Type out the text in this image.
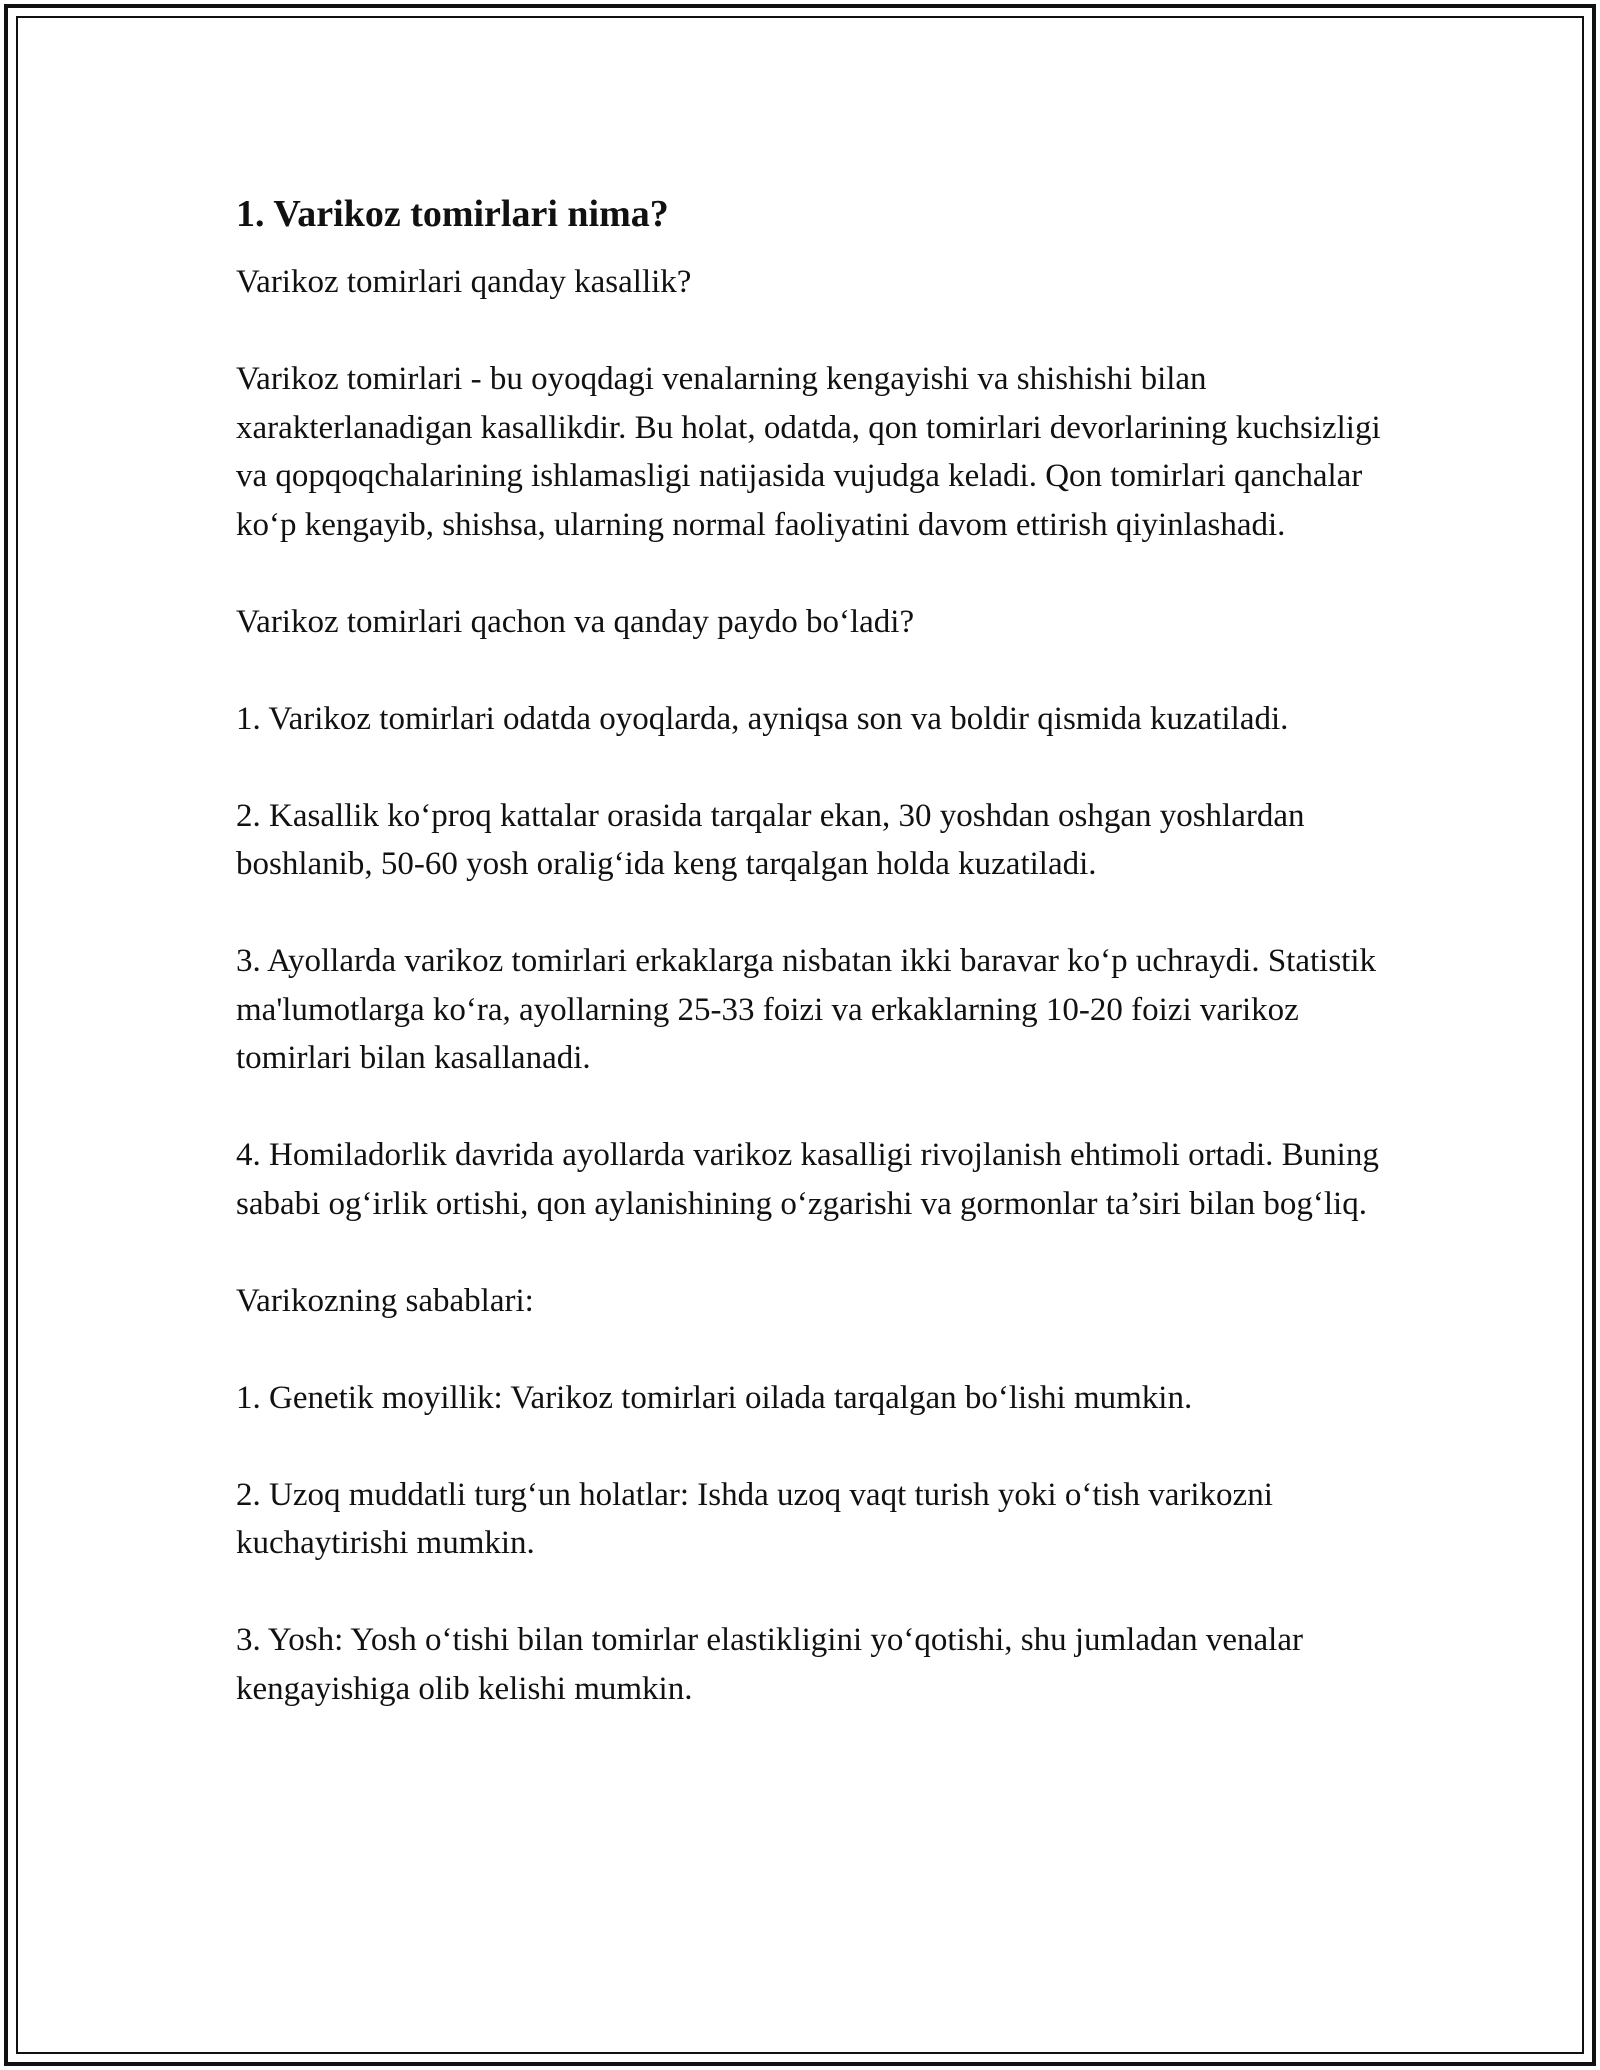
1. Varikoz tomirlari nima?

Varikoz tomirlari qanday kasallik?

Varikoz tomirlari - bu oyoqdagi venalarning kengayishi va shishishi bilan xarakterlanadigan kasallikdir. Bu holat, odatda, qon tomirlari devorlarining kuchsizligi va qopqoqchalarining ishlamasligi natijasida vujudga keladi. Qon tomirlari qanchalar ko‘p kengayib, shishsa, ularning normal faoliyatini davom ettirish qiyinlashadi.

Varikoz tomirlari qachon va qanday paydo bo‘ladi?

1. Varikoz tomirlari odatda oyoqlarda, ayniqsa son va boldir qismida kuzatiladi.

2. Kasallik ko‘proq kattalar orasida tarqalar ekan, 30 yoshdan oshgan yoshlardan boshlanib, 50-60 yosh oralig‘ida keng tarqalgan holda kuzatiladi.

3. Ayollarda varikoz tomirlari erkaklarga nisbatan ikki baravar ko‘p uchraydi. Statistik ma'lumotlarga ko‘ra, ayollarning 25-33 foizi va erkaklarning 10-20 foizi varikoz tomirlari bilan kasallanadi.

4. Homiladorlik davrida ayollarda varikoz kasalligi rivojlanish ehtimoli ortadi. Buning sababi og‘irlik ortishi, qon aylanishining o‘zgarishi va gormonlar ta’siri bilan bog‘liq.

Varikozning sabablari:

1. Genetik moyillik: Varikoz tomirlari oilada tarqalgan bo‘lishi mumkin.

2. Uzoq muddatli turg‘un holatlar: Ishda uzoq vaqt turish yoki o‘tish varikozni kuchaytirishi mumkin.

3. Yosh: Yosh o‘tishi bilan tomirlar elastikligini yo‘qotishi, shu jumladan venalar kengayishiga olib kelishi mumkin.
